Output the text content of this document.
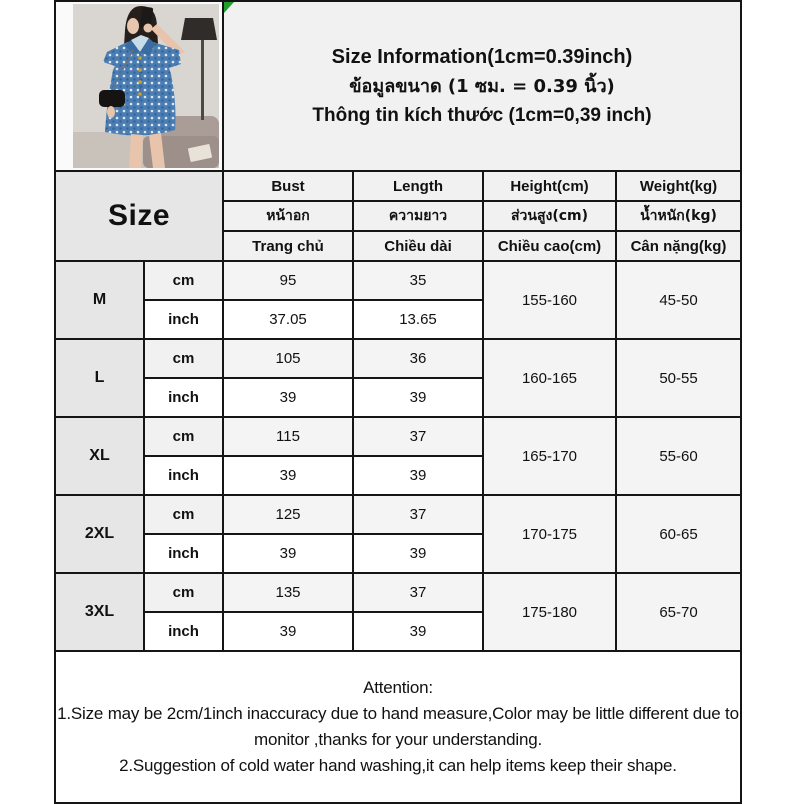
Size Information(1cm=0.39inch)
ข้อมูลขนาด (1 ซม. = 0.39 นิ้ว)
Thông tin kích thước (1cm=0,39 inch)			

Size		Bust	Length	Height(cm)	Weight(kg)
		หน้าอก	ความยาว	ส่วนสูง(cm)	น้ำหนัก(kg)
		Trang chủ	Chiều dài	Chiều cao(cm)	Cân nặng(kg)
M	cm	95	35	155-160	45-50
	inch	37.05	13.65		
L	cm	105	36	160-165	50-55
	inch	39	39		
XL	cm	115	37	165-170	55-60
	inch	39	39		
2XL	cm	125	37	170-175	60-65
	inch	39	39		
3XL	cm	135	37	175-180	65-70
	inch	39	39		

Attention:
1.Size may be 2cm/1inch inaccuracy due to hand measure,Color may be little different due to monitor ,thanks for your understanding.
2.Suggestion of cold water hand washing,it can help items keep their shape.					
